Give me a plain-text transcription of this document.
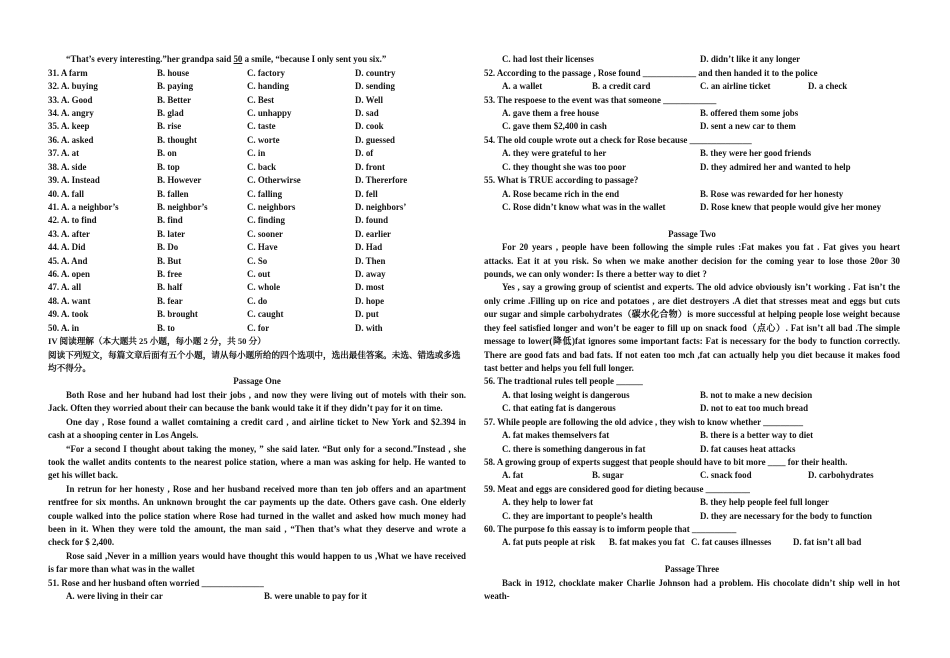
“That’s every interesting.”her grandpa said 50 a smile, “because I only sent you six.”
31. A farm	B. house	C. factory	D. country
32. A. buying	B. paying	C. handing	D. sending
33. A. Good	B. Better	C. Best	D. Well
34. A. angry	B. glad	C. unhappy	D. sad
35. A. keep	B. rise	C. taste	D. cook
36. A. asked	B. thought	C. worte	D. guessed
37. A. at	B. on	C. in	D. of
38. A. side	B. top	C. back	D. front
39. A. Instead	B. However	C. Otherwirse	D. Thererfore
40. A. fall	B. fallen	C. falling	D. fell
41. A. a neighbor’s	B. neighbor’s	C. neighbors	D. neighbors’
42. A. to find	B. find	C. finding	D. found
43. A. after	B. later	C. sooner	D. earlier
44. A. Did	B. Do	C. Have	D. Had
45. A. And	B. But	C. So	D. Then
46. A. open	B. free	C. out	D. away
47. A. all	B. half	C. whole	D. most
48. A. want	B. fear	C. do	D. hope
49. A. took	B. brought	C. caught	D. put
50. A. in	B. to	C. for	D. with
IV 阅读理解（本大题共 25 小题，每小题 2 分，共 50 分）
阅读下列短文，每篇文章后面有五个小题，请从每小题所给的四个选项中，选出最佳答案。未选、错选或多选
均不得分。
Passage One
Both Rose and her huband had lost their jobs , and now they were living out of motels with their son.
Jack. Often they worried about their can because the bank would take it if they didn’t pay for it on time.
One day , Rose found a wallet comtaining a credit card , and airline ticket to New York and $2.394 in
cash at a shooping center in Los Angels.
“For a second I thought about taking the money, ” she said later. “But only for a second.”Instead , she
took the wallet andits contents to the nearest police station, where a man was asking for help. He wanted to
get his willet back.
In retrun for her honesty , Rose and her husband received more than ten job offers and an apartment
rentfree for six months. An unknown brought the car payments up the date. Others gave cash. One elderly
couple walked into the police station where Rose had turned in the wallet and asked how much money had
been in it. When they were told the amount, the man said , “Then that’s what they deserve and wrote a
check for $ 2,400.
Rose said ,Never in a million years would have thought this would happen to us ,What we have received
is far more than what was in the wallet
51. Rose and her husband often worried ______________
A. were living in their car	B. were unable to pay for it
C. had lost their licenses	D. didn’t like it any longer
52. According to the passage , Rose found ____________ and then handed it to the police
A. a wallet	B. a credit card	C. an airline ticket	D. a check
53. The respoese to the event was that someone ____________
A. gave them a free house	B. offered them some jobs
C. gave them $2,400 in cash	D. sent a new car to them
54. The old couple wrote out a check for Rose because ______________
A. they were grateful to her	B. they were her good friends
C. they thought she was too poor	D. they admired her and wanted to help
55. What is TRUE according to passage?
A. Rose became rich in the end	B. Rose was rewarded for her honesty
C. Rose didn’t know what was in the wallet	D. Rose knew that people would give her money
Passage Two
For 20 years , people have been following the simple rules :Fat makes you fat . Fat gives you heart
attacks. Eat it at you risk. So when we make another decision for the coming year to lose those 20or 30
pounds, we can only wonder: Is there a better way to diet ?
Yes , say a growing group of scientist and experts. The old advice obviously isn’t working . Fat isn’t the
only crime .Filling up on rice and potatoes , are diet destroyers .A diet that stresses meat and eggs but cuts
our sugar and simple carbohydrates（碳水化合物）is more successful at helping people lose weight because
they feel satisfied longer and won’t be eager to fill up on snack food（点心）. Fat isn’t all bad .The simple
message to lower(降低)fat ignores some important facts: Fat is necessary for the body to function correctly.
There are good fats and bad fats. If not eaten too mch ,fat can actually help you diet because it makes food
tast better and helps you fell full longer.
56. The tradtional rules tell people ______
A. that losing weight is dangerous	B. not to make a new decision
C. that eating fat is dangerous	D. not to eat too much bread
57. While people are following the old advice , they wish to know whether _________
A. fat makes themselvers fat	B. there is a better way to diet
C. there is something dangerous in fat	D. fat causes heat attacks
58. A growing group of experts suggest that people should have to bit more ____ for their health.
A. fat	B. sugar	C. snack food	D. carbohydrates
59. Meat and eggs are considered good for dieting because __________
A. they help to lower fat	B. they help people feel full longer
C. they are important to people’s health	D. they are necessary for the body to function
60. The purpose fo this eassay is to imform people that __________
A. fat puts people at risk B. fat makes you fat C. fat causes illnesses D. fat isn’t all bad
Passage Three
Back in 1912, chocklate maker Charlie Johnson had a problem. His chocolate didn’t ship well in hot
weath-
